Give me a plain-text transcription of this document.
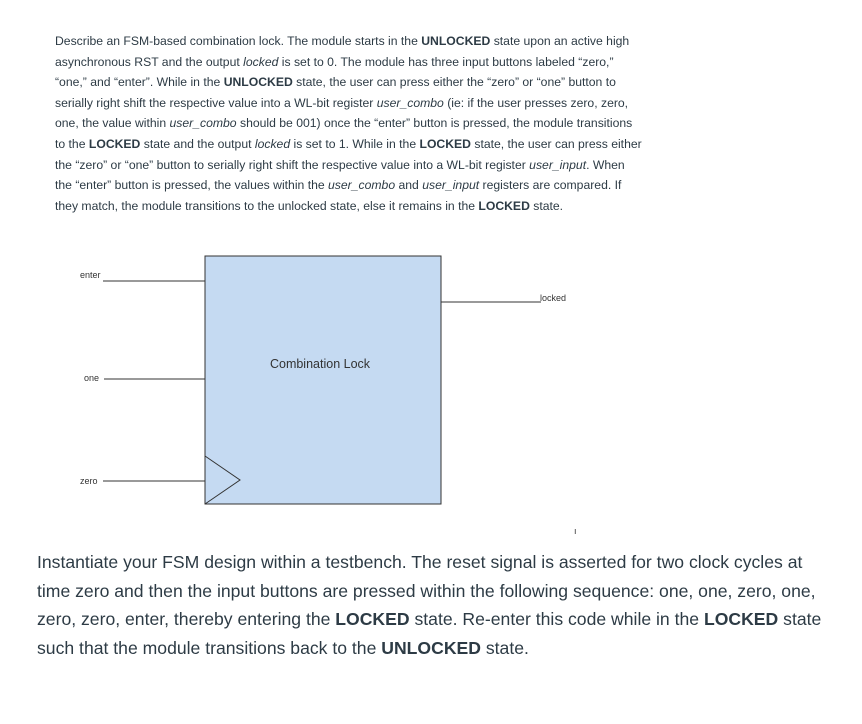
Describe an FSM-based combination lock. The module starts in the UNLOCKED state upon an active high asynchronous RST and the output locked is set to 0. The module has three input buttons labeled “zero,” “one,” and “enter”. While in the UNLOCKED state, the user can press either the “zero” or “one” button to serially right shift the respective value into a WL-bit register user_combo (ie: if the user presses zero, zero, one, the value within user_combo should be 001) once the “enter” button is pressed, the module transitions to the LOCKED state and the output locked is set to 1. While in the LOCKED state, the user can press either the “zero” or “one” button to serially right shift the respective value into a WL-bit register user_input. When the “enter” button is pressed, the values within the user_combo and user_input registers are compared. If they match, the module transitions to the unlocked state, else it remains in the LOCKED state.
Combination Lock
enter
one
zero
locked
ı
Instantiate your FSM design within a testbench. The reset signal is asserted for two clock cycles at time zero and then the input buttons are pressed within the following sequence: one, one, zero, one, zero, zero, enter, thereby entering the LOCKED state. Re-enter this code while in the LOCKED state such that the module transitions back to the UNLOCKED state.
